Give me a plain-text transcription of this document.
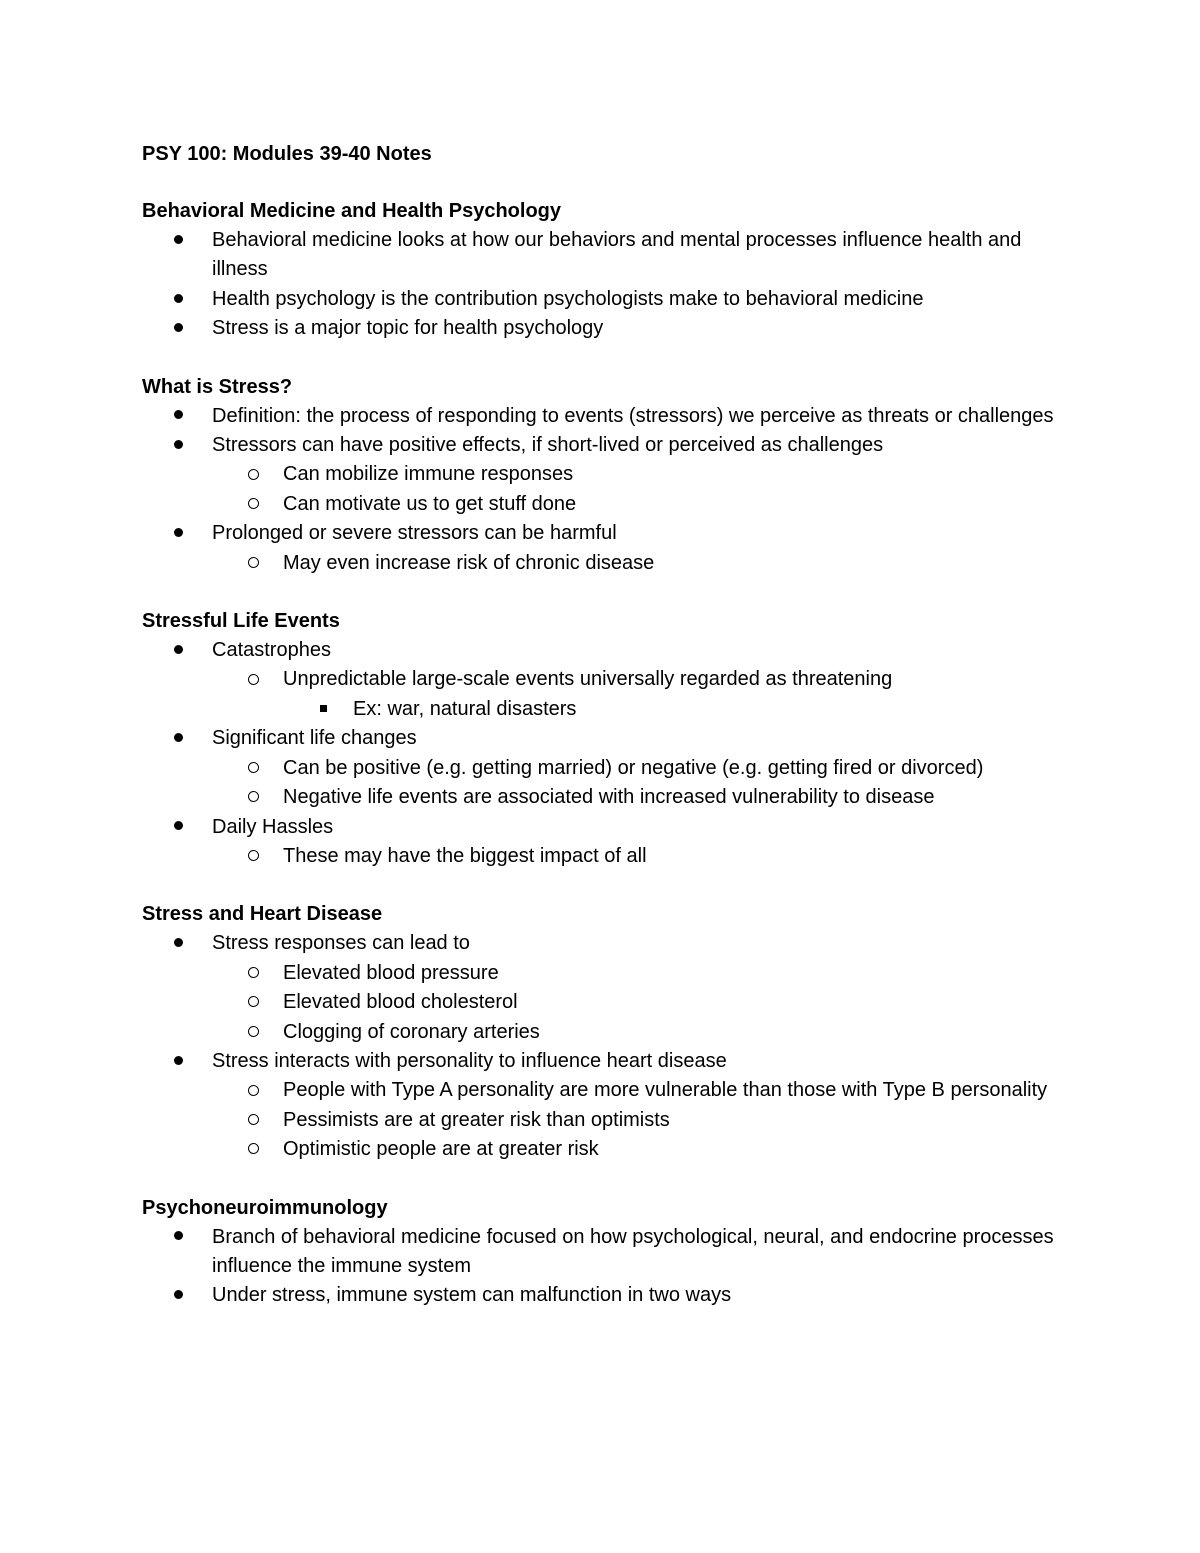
PSY 100: Modules 39-40 Notes
Behavioral Medicine and Health Psychology
Behavioral medicine looks at how our behaviors and mental processes influence health and illness
Health psychology is the contribution psychologists make to behavioral medicine
Stress is a major topic for health psychology
What is Stress?
Definition: the process of responding to events (stressors) we perceive as threats or challenges
Stressors can have positive effects, if short-lived or perceived as challenges
Can mobilize immune responses
Can motivate us to get stuff done
Prolonged or severe stressors can be harmful
May even increase risk of chronic disease
Stressful Life Events
Catastrophes
Unpredictable large-scale events universally regarded as threatening
Ex: war, natural disasters
Significant life changes
Can be positive (e.g. getting married) or negative (e.g. getting fired or divorced)
Negative life events are associated with increased vulnerability to disease
Daily Hassles
These may have the biggest impact of all
Stress and Heart Disease
Stress responses can lead to
Elevated blood pressure
Elevated blood cholesterol
Clogging of coronary arteries
Stress interacts with personality to influence heart disease
People with Type A personality are more vulnerable than those with Type B personality
Pessimists are at greater risk than optimists
Optimistic people are at greater risk
Psychoneuroimmunology
Branch of behavioral medicine focused on how psychological, neural, and endocrine processes influence the immune system
Under stress, immune system can malfunction in two ways
